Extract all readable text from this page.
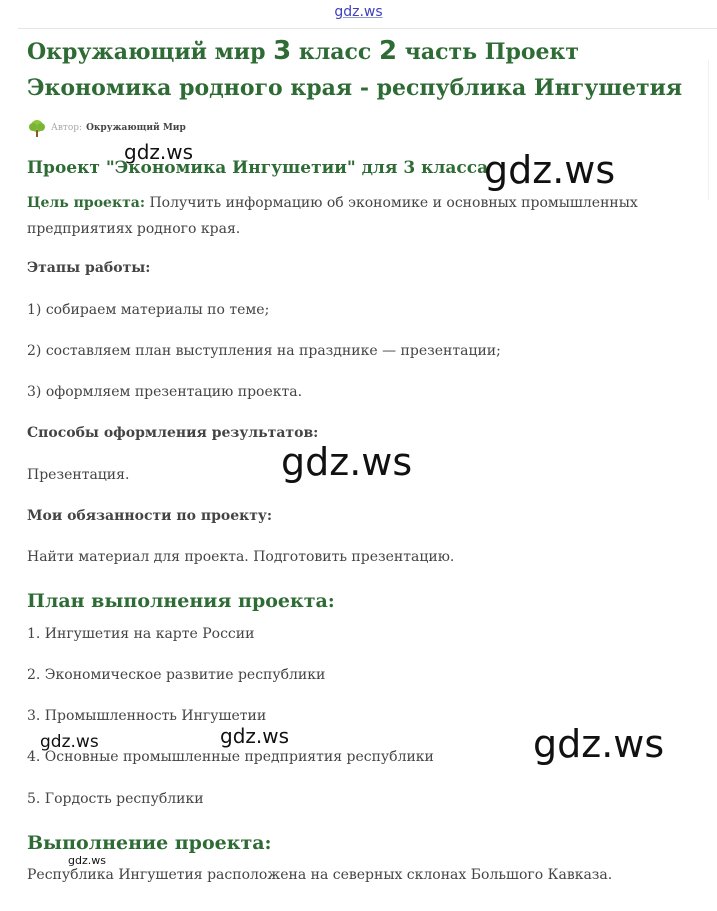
gdz.ws
Окружающий мир 3 класс 2 часть Проект Экономика родного края - республика Ингушетия
Автор: Окружающий Мир
Проект "Экономика Ингушетии" для 3 класса
Цель проекта: Получить информацию об экономике и основных промышленных предприятиях родного края.
Этапы работы:
1) собираем материалы по теме;
2) составляем план выступления на празднике — презентации;
3) оформляем презентацию проекта.
Способы оформления результатов:
Презентация.
Мои обязанности по проекту:
Найти материал для проекта. Подготовить презентацию.
План выполнения проекта:
1. Ингушетия на карте России
2. Экономическое развитие республики
3. Промышленность Ингушетии
4. Основные промышленные предприятия республики
5. Гордость республики
Выполнение проекта:
Республика Ингушетия расположена на северных склонах Большого Кавказа.
gdz.ws	gdz.ws
gdz.ws
gdz.ws	gdz.ws	gdz.ws
gdz.ws
